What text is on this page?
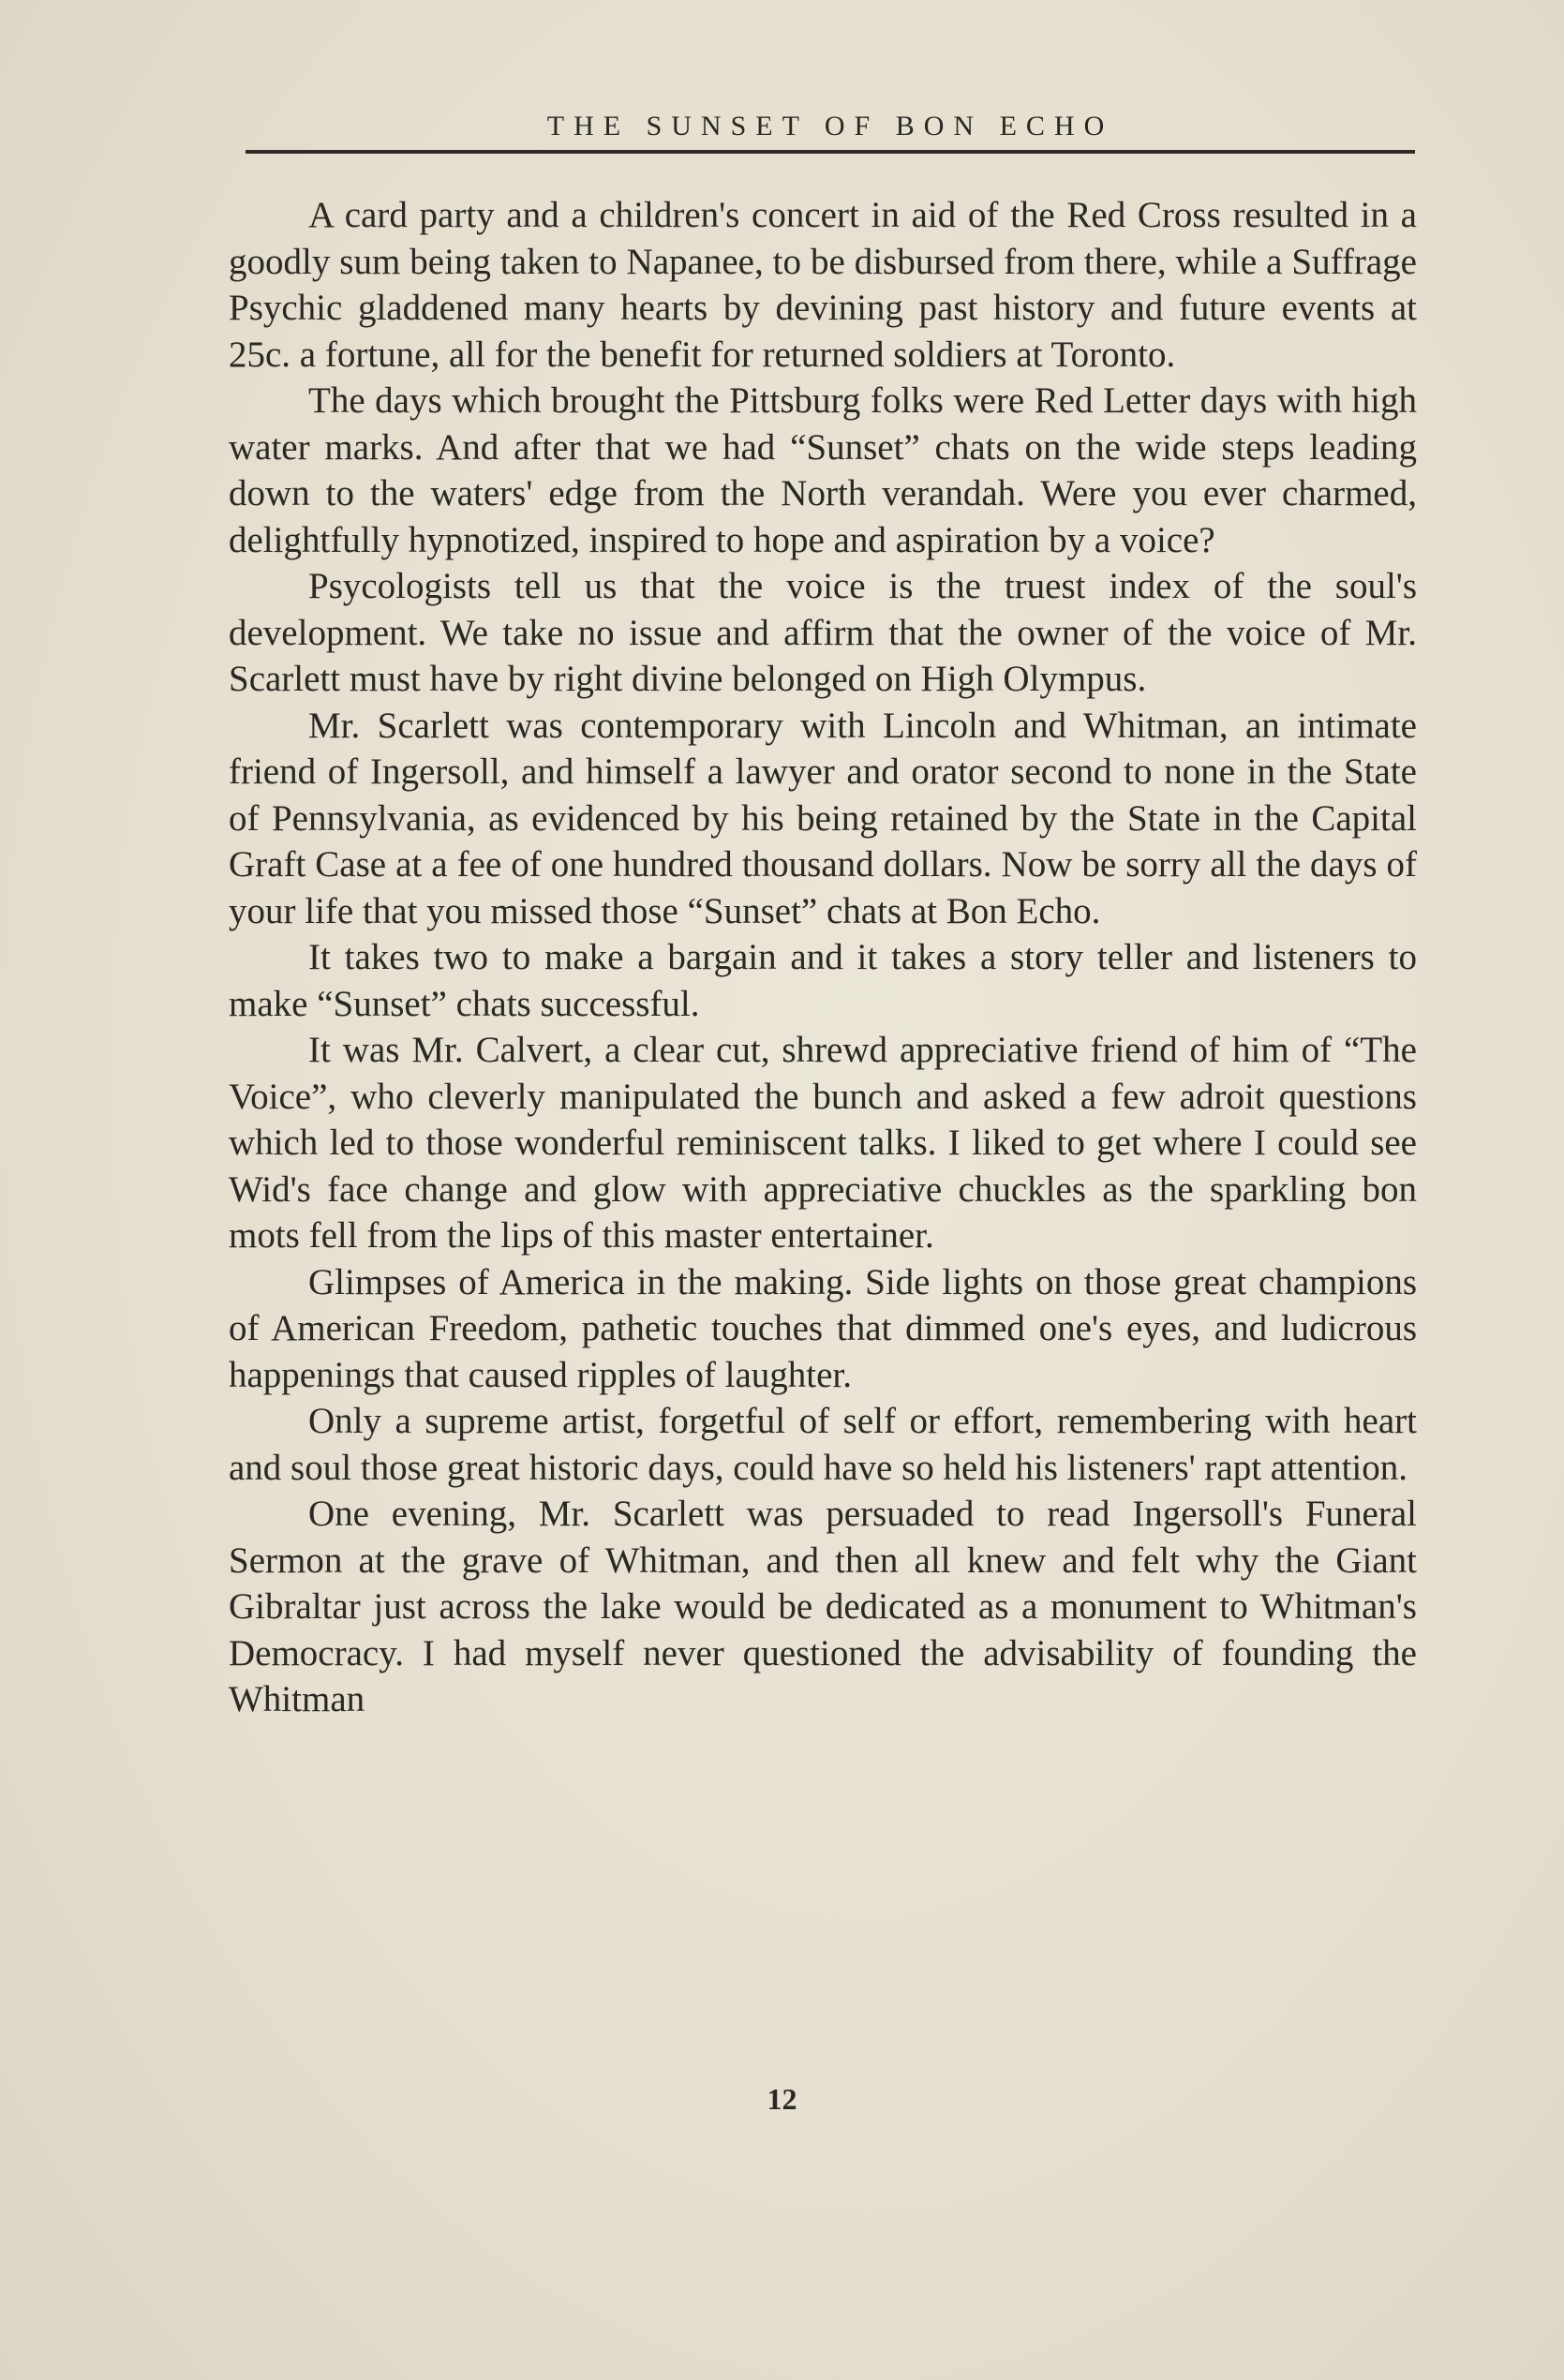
THE SUNSET OF BON ECHO

A card party and a children's concert in aid of the Red Cross resulted in a goodly sum being taken to Napanee, to be disbursed from there, while a Suffrage Psychic gladdened many hearts by devining past history and future events at 25c. a fortune, all for the benefit for returned soldiers at Toronto.

The days which brought the Pittsburg folks were Red Letter days with high water marks. And after that we had “Sunset” chats on the wide steps leading down to the waters' edge from the North verandah. Were you ever charmed, delightfully hypnotized, inspired to hope and aspiration by a voice?

Psycologists tell us that the voice is the truest index of the soul's development. We take no issue and affirm that the owner of the voice of Mr. Scarlett must have by right divine belonged on High Olympus.

Mr. Scarlett was contemporary with Lincoln and Whitman, an intimate friend of Ingersoll, and himself a lawyer and orator second to none in the State of Pennsylvania, as evidenced by his being retained by the State in the Capital Graft Case at a fee of one hundred thousand dollars. Now be sorry all the days of your life that you missed those “Sunset” chats at Bon Echo.

It takes two to make a bargain and it takes a story teller and listeners to make “Sunset” chats successful.

It was Mr. Calvert, a clear cut, shrewd appreciative friend of him of “The Voice”, who cleverly manipulated the bunch and asked a few adroit questions which led to those wonderful reminiscent talks. I liked to get where I could see Wid's face change and glow with appreciative chuckles as the sparkling bon mots fell from the lips of this master entertainer.

Glimpses of America in the making. Side lights on those great champions of American Freedom, pathetic touches that dimmed one's eyes, and ludicrous happenings that caused ripples of laughter.

Only a supreme artist, forgetful of self or effort, remembering with heart and soul those great historic days, could have so held his listeners' rapt attention.

One evening, Mr. Scarlett was persuaded to read Ingersoll's Funeral Sermon at the grave of Whitman, and then all knew and felt why the Giant Gibraltar just across the lake would be dedicated as a monument to Whitman's Democracy. I had myself never questioned the advisability of founding the Whitman

12
